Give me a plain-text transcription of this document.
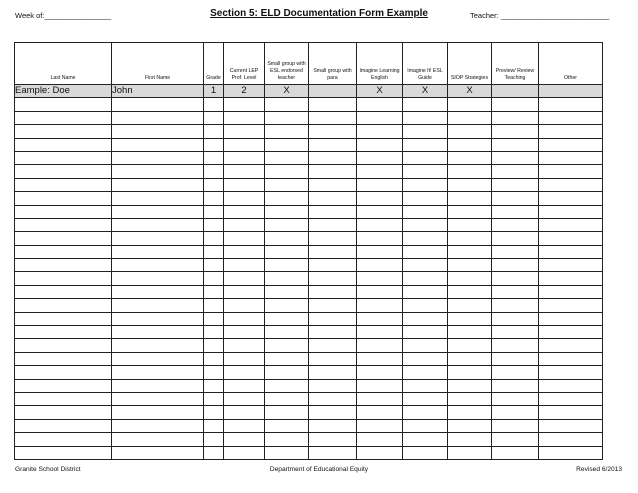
Week of:________________	Section 5: ELD Documentation Form Example	Teacher: __________________________
Last Name	First Name	Grade	Current LEP Prof. Level	Small group with ESL endorsed teacher	Small group with para	Imagine Learning English	Imagine It! ESL Guide	SIOP Strategies	Preview/ Review Teaching	Other
Eample: Doe	John	1	2	X		X	X	X		

Granite School District	Department of Educational Equity	Revised 6/2013
